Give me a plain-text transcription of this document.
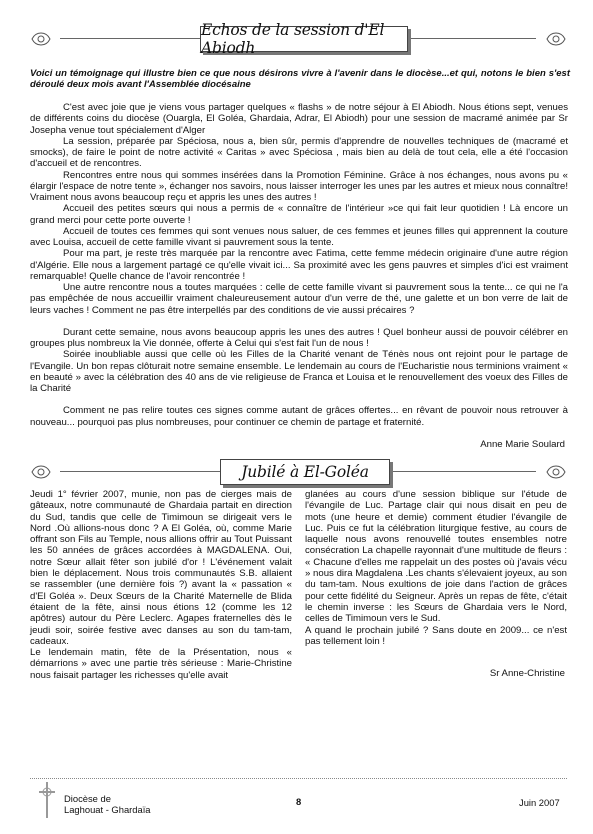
Echos de la session d'El Abiodh
Voici un témoignage qui illustre bien ce que nous désirons vivre à l'avenir dans le diocèse...et qui, notons le bien s'est déroulé deux mois avant l'Assemblée diocésaine

C'est avec joie que je viens vous partager quelques « flashs » de notre séjour à El Abiodh. Nous étions sept, venues de différents coins du diocèse (Ouargla, El Goléa, Ghardaia, Adrar, El Abiodh) pour une session de macramé animée par Sr Josepha venue tout spécialement d'Alger

La session, préparée par Spéciosa, nous a, bien sûr, permis d'apprendre de nouvelles techniques de (macramé et smocks), de faire le point de notre activité « Caritas » avec Spéciosa , mais bien au delà de tout cela, elle a été l'occasion d'accueil et de rencontres.

Rencontres entre nous qui sommes insérées dans la Promotion Féminine. Grâce à nos échanges, nous avons pu « élargir l'espace de notre tente », échanger nos savoirs, nous laisser interroger les unes par les autres et mieux nous connaître! Vraiment nous avons beaucoup reçu et appris les unes des autres !

Accueil des petites sœurs qui nous a permis de « connaître de l'intérieur »ce qui fait leur quotidien ! Là encore un grand merci pour cette porte ouverte !

Accueil de toutes ces femmes qui sont venues nous saluer, de ces femmes et jeunes filles qui apprennent la couture avec Louisa, accueil de cette famille vivant si pauvrement sous la tente.

Pour ma part, je reste très marquée par la rencontre avec Fatima, cette femme médecin originaire d'une autre région d'Algérie. Elle nous a largement partagé ce qu'elle vivait ici... Sa proximité avec les gens pauvres et simples d'ici est vraiment remarquable! Quelle chance de l'avoir rencontrée !

Une autre rencontre nous a toutes marquées : celle de cette famille vivant si pauvrement sous la tente... ce qui ne l'a pas empêchée de nous accueillir vraiment chaleureusement autour d'un verre de thé, une galette et un bon verre de lait de leurs vaches ! Comment ne pas être interpellés par des conditions de vie aussi précaires ?

Durant cette semaine, nous avons beaucoup appris les unes des autres ! Quel bonheur aussi de pouvoir célébrer en groupes plus nombreux la Vie donnée, offerte à Celui qui s'est fait l'un de nous !

Soirée inoubliable aussi que celle où les Filles de la Charité venant de Ténès nous ont rejoint pour le partage de l'Evangile. Un bon repas clôturait notre semaine ensemble. Le lendemain au cours de l'Eucharistie nous terminions vraiment « en beauté » avec la célébration des 40 ans de vie religieuse de Franca et Louisa et le renouvellement des voeux des Filles de la Charité

Comment ne pas relire toutes ces signes comme autant de grâces offertes... en rêvant de pouvoir nous retrouver à nouveau... pourquoi pas plus nombreuses, pour continuer ce chemin de partage et fraternité.

Anne Marie Soulard
Jubilé à El-Goléa

Jeudi 1° février 2007, munie, non pas de cierges mais de gâteaux, notre communauté de Ghardaia partait en direction du Sud, tandis que celle de Timimoun se dirigeait vers le Nord .Où allions-nous donc ? A El Goléa, où, comme Marie offrant son Fils au Temple, nous allions offrir au Tout Puissant les 50 années de grâces accordées à MAGDALENA. Oui, notre Sœur allait fêter son jubilé d'or ! L'événement valait bien le déplacement. Nous trois communautés S.B. allaient se rassembler (une dernière fois ?) avant la « passation « d'El Goléa ». Deux Sœurs de la Charité Maternelle de Blida étaient de la fête, ainsi nous étions 12 (comme les 12 apôtres) autour du Père Leclerc. Agapes fraternelles dès le jeudi soir, soirée festive avec danses au son du tam-tam, cadeaux.

Le lendemain matin, fête de la Présentation, nous « démarrions » avec une partie très sérieuse : Marie-Christine nous faisait partager les richesses qu'elle avait

glanées au cours d'une session biblique sur l'étude de l'évangile de Luc. Partage clair qui nous disait en peu de mots (une heure et demie) comment étudier l'évangile de Luc. Puis ce fut la célébration liturgique festive, au cours de laquelle nous avons renouvellé toutes ensembles notre consécration La chapelle rayonnait d'une multitude de fleurs : « Chacune d'elles me rappelait un des postes où j'avais vécu » nous dira Magdalena .Les chants s'élevaient joyeux, au son du tam-tam. Nous exultions de joie dans l'action de grâces pour cette fidélité du Seigneur. Après un repas de fête, c'était le chemin inverse : les Sœurs de Ghardaia vers le Nord, celles de Timimoun vers le Sud.

A quand le prochain jubilé ? Sans doute en 2009... ce n'est pas tellement loin !

Sr Anne-Christine
Diocèse de
Laghouat - Ghardaïa
8	Juin 2007
